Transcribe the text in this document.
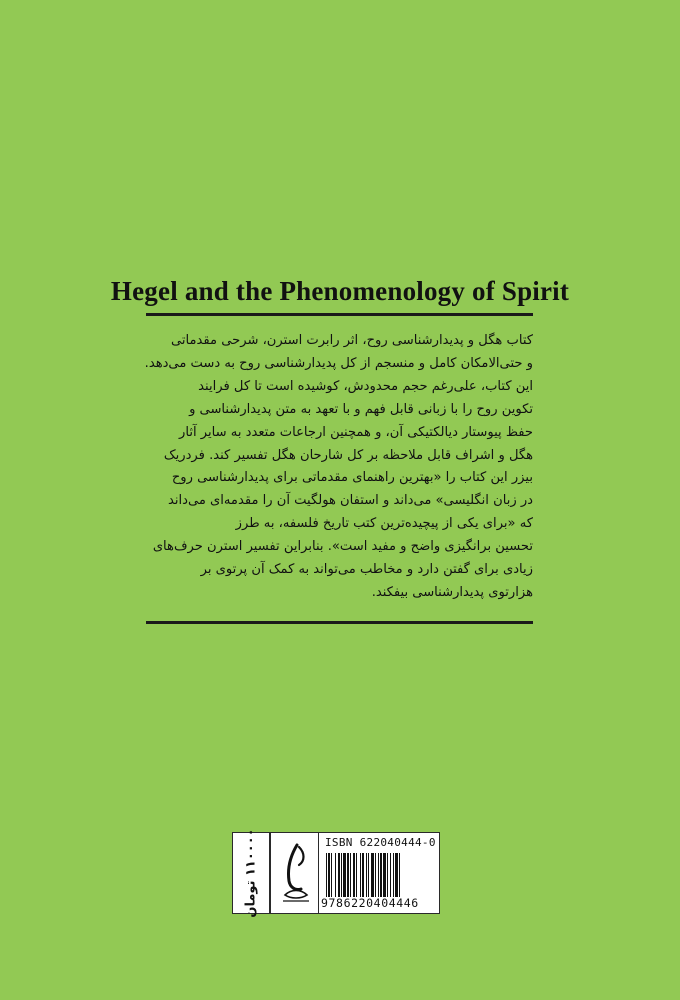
Hegel and the Phenomenology of Spirit

کتاب هگل و پدیدارشناسی روح، اثر رابرت استرن، شرحی مقدماتی
و حتی‌الامکان کامل و منسجم از کل پدیدارشناسی روح به دست می‌دهد.
این کتاب، علی‌رغم حجم محدودش، کوشیده است تا کل فرایند
تکوین روح را با زبانی قابل فهم و با تعهد به متن پدیدارشناسی و
حفظ پیوستار دیالکتیکی آن، و همچنین ارجاعات متعدد به سایر آثار
هگل و اشراف قابل ملاحظه بر کل شارحان هگل تفسیر کند. فردریک
بیزر این کتاب را «بهترین راهنمای مقدماتی برای پدیدارشناسی روح
در زبان انگلیسی» می‌داند و استفان هولگیت آن را مقدمه‌ای می‌داند
که «برای یکی از پیچیده‌ترین کتب تاریخ فلسفه، به طرز
تحسین برانگیزی واضح و مفید است». بنابراین تفسیر استرن حرف‌های
زیادی برای گفتن دارد و مخاطب می‌تواند به کمک آن پرتوی بر
هزارتوی پدیدارشناسی بیفکند.

۱۱۰۰۰۰ تومان	ISBN 622040444-0
9786220404446
